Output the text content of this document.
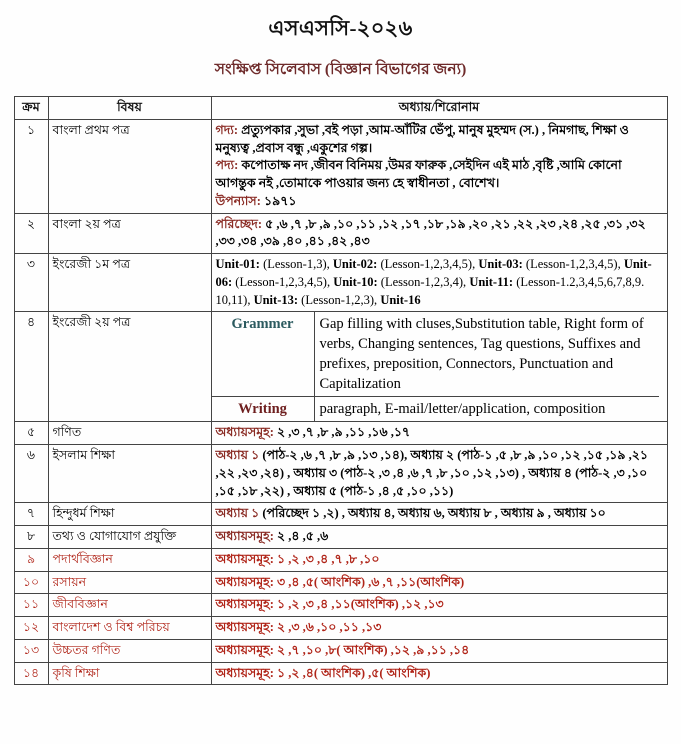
এসএসসি-২০২৬
সংক্ষিপ্ত সিলেবাস (বিজ্ঞান বিভাগের জন্য)
ক্রম	বিষয়	অধ্যায়/শিরোনাম
১	বাংলা প্রথম পত্র	গদ্য: প্রত্যুপকার ,সুভা ,বই পড়া ,আম-আঁটির ভেঁপু, মানুষ মুহম্মদ (স.) , নিমগাছ, শিক্ষা ও মনুষ্যত্ব ,প্রবাস বন্ধু ,একুশের গল্প।
পদ্য: কপোতাক্ষ নদ ,জীবন বিনিময় ,উমর ফারুক ,সেইদিন এই মাঠ ,বৃষ্টি ,আমি কোনো আগন্তুক নই ,তোমাকে পাওয়ার জন্য হে স্বাধীনতা , বোশেখ।
উপন্যাস: ১৯৭১

২	বাংলা ২য় পত্র	পরিচ্ছেদ: ৫ ,৬ ,৭ ,৮ ,৯ ,১০ ,১১ ,১২ ,১৭ ,১৮ ,১৯ ,২০ ,২১ ,২২ ,২৩ ,২৪ ,২৫ ,৩১ ,৩২ ,৩৩ ,৩৪ ,৩৯ ,৪০ ,৪১ ,৪২ ,৪৩

৩	ইংরেজী ১ম পত্র	Unit-01: (Lesson-1,3), Unit-02: (Lesson-1,2,3,4,5), Unit-03: (Lesson-1,2,3,4,5), Unit-06: (Lesson-1,2,3,4,5), Unit-10: (Lesson-1,2,3,4), Unit-11: (Lesson-1.2,3,4,5,6,7,8,9. 10,11), Unit-13: (Lesson-1,2,3), Unit-16
৪	ইংরেজী ২য় পত্র		Grammer	Gap filling with cluses,Substitution table, Right form of verbs, Changing sentences, Tag questions, Suffixes and prefixes, preposition, Connectors, Punctuation and Capitalization
Writing	paragraph, E-mail/letter/application, composition

৫	গণিত	অধ্যায়সমূহ: ২ ,৩ ,৭ ,৮ ,৯ ,১১ ,১৬ ,১৭

৬	ইসলাম শিক্ষা	অধ্যায় ১ (পাঠ-২ ,৬ ,৭ ,৮ ,৯ ,১৩ ,১৪), অধ্যায় ২ (পাঠ-১ ,৫ ,৮ ,৯ ,১০ ,১২ ,১৫ ,১৯ ,২১ ,২২ ,২৩ ,২৪) , অধ্যায় ৩ (পাঠ-২ ,৩ ,৪ ,৬ ,৭ ,৮ ,১০ ,১২ ,১৩) , অধ্যায় ৪ (পাঠ-২ ,৩ ,১০ ,১৫ ,১৮ ,২২) , অধ্যায় ৫ (পাঠ-১ ,৪ ,৫ ,১০ ,১১)

৭	হিন্দুধর্ম শিক্ষা	অধ্যায় ১ (পরিচ্ছেদ ১ ,২) , অধ্যায় ৪, অধ্যায় ৬, অধ্যায় ৮ , অধ্যায় ৯ , অধ্যায় ১০

৮	তথ্য ও যোগাযোগ প্রযুক্তি	অধ্যায়সমূহ: ২ ,৪ ,৫ ,৬

৯	পদার্থবিজ্ঞান	অধ্যায়সমূহ: ১ ,২ ,৩ ,৪ ,৭ ,৮ ,১০

১০	রসায়ন	অধ্যায়সমূহ: ৩ ,৪ ,৫( আংশিক) ,৬ ,৭ ,১১(আংশিক)

১১	জীববিজ্ঞান	অধ্যায়সমূহ: ১ ,২ ,৩ ,৪ ,১১(আংশিক) ,১২ ,১৩

১২	বাংলাদেশ ও বিশ্ব পরিচয়	অধ্যায়সমূহ: ২ ,৩ ,৬ ,১০ ,১১ ,১৩

১৩	উচ্চতর গণিত	অধ্যায়সমূহ: ২ ,৭ ,১০ ,৮( আংশিক) ,১২ ,৯ ,১১ ,১৪

১৪	কৃষি শিক্ষা	অধ্যায়সমূহ: ১ ,২ ,৪( আংশিক) ,৫( আংশিক)
